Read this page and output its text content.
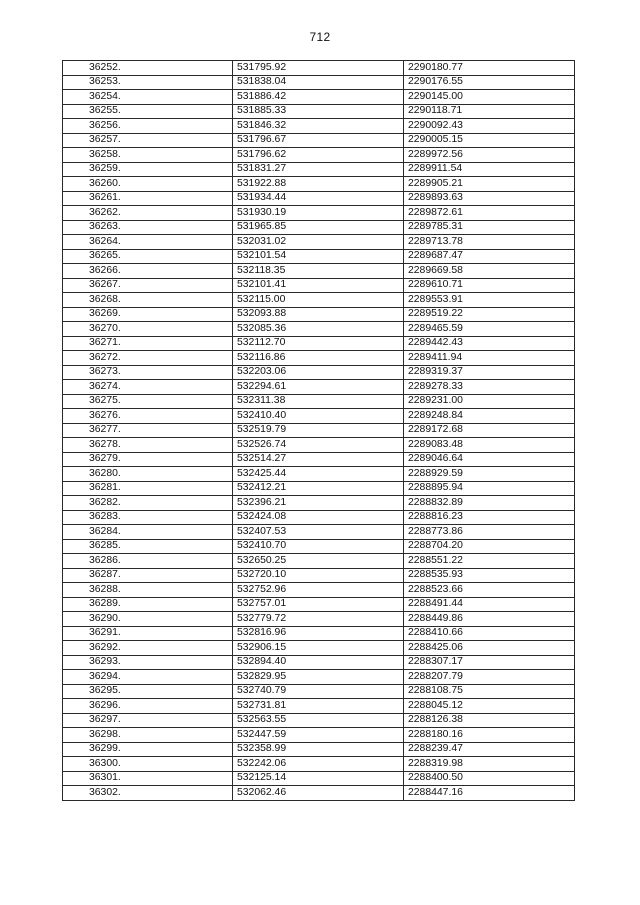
712
36252.	531795.92	2290180.77
36253.	531838.04	2290176.55
36254.	531886.42	2290145.00
36255.	531885.33	2290118.71
36256.	531846.32	2290092.43
36257.	531796.67	2290005.15
36258.	531796.62	2289972.56
36259.	531831.27	2289911.54
36260.	531922.88	2289905.21
36261.	531934.44	2289893.63
36262.	531930.19	2289872.61
36263.	531965.85	2289785.31
36264.	532031.02	2289713.78
36265.	532101.54	2289687.47
36266.	532118.35	2289669.58
36267.	532101.41	2289610.71
36268.	532115.00	2289553.91
36269.	532093.88	2289519.22
36270.	532085.36	2289465.59
36271.	532112.70	2289442.43
36272.	532116.86	2289411.94
36273.	532203.06	2289319.37
36274.	532294.61	2289278.33
36275.	532311.38	2289231.00
36276.	532410.40	2289248.84
36277.	532519.79	2289172.68
36278.	532526.74	2289083.48
36279.	532514.27	2289046.64
36280.	532425.44	2288929.59
36281.	532412.21	2288895.94
36282.	532396.21	2288832.89
36283.	532424.08	2288816.23
36284.	532407.53	2288773.86
36285.	532410.70	2288704.20
36286.	532650.25	2288551.22
36287.	532720.10	2288535.93
36288.	532752.96	2288523.66
36289.	532757.01	2288491.44
36290.	532779.72	2288449.86
36291.	532816.96	2288410.66
36292.	532906.15	2288425.06
36293.	532894.40	2288307.17
36294.	532829.95	2288207.79
36295.	532740.79	2288108.75
36296.	532731.81	2288045.12
36297.	532563.55	2288126.38
36298.	532447.59	2288180.16
36299.	532358.99	2288239.47
36300.	532242.06	2288319.98
36301.	532125.14	2288400.50
36302.	532062.46	2288447.16
